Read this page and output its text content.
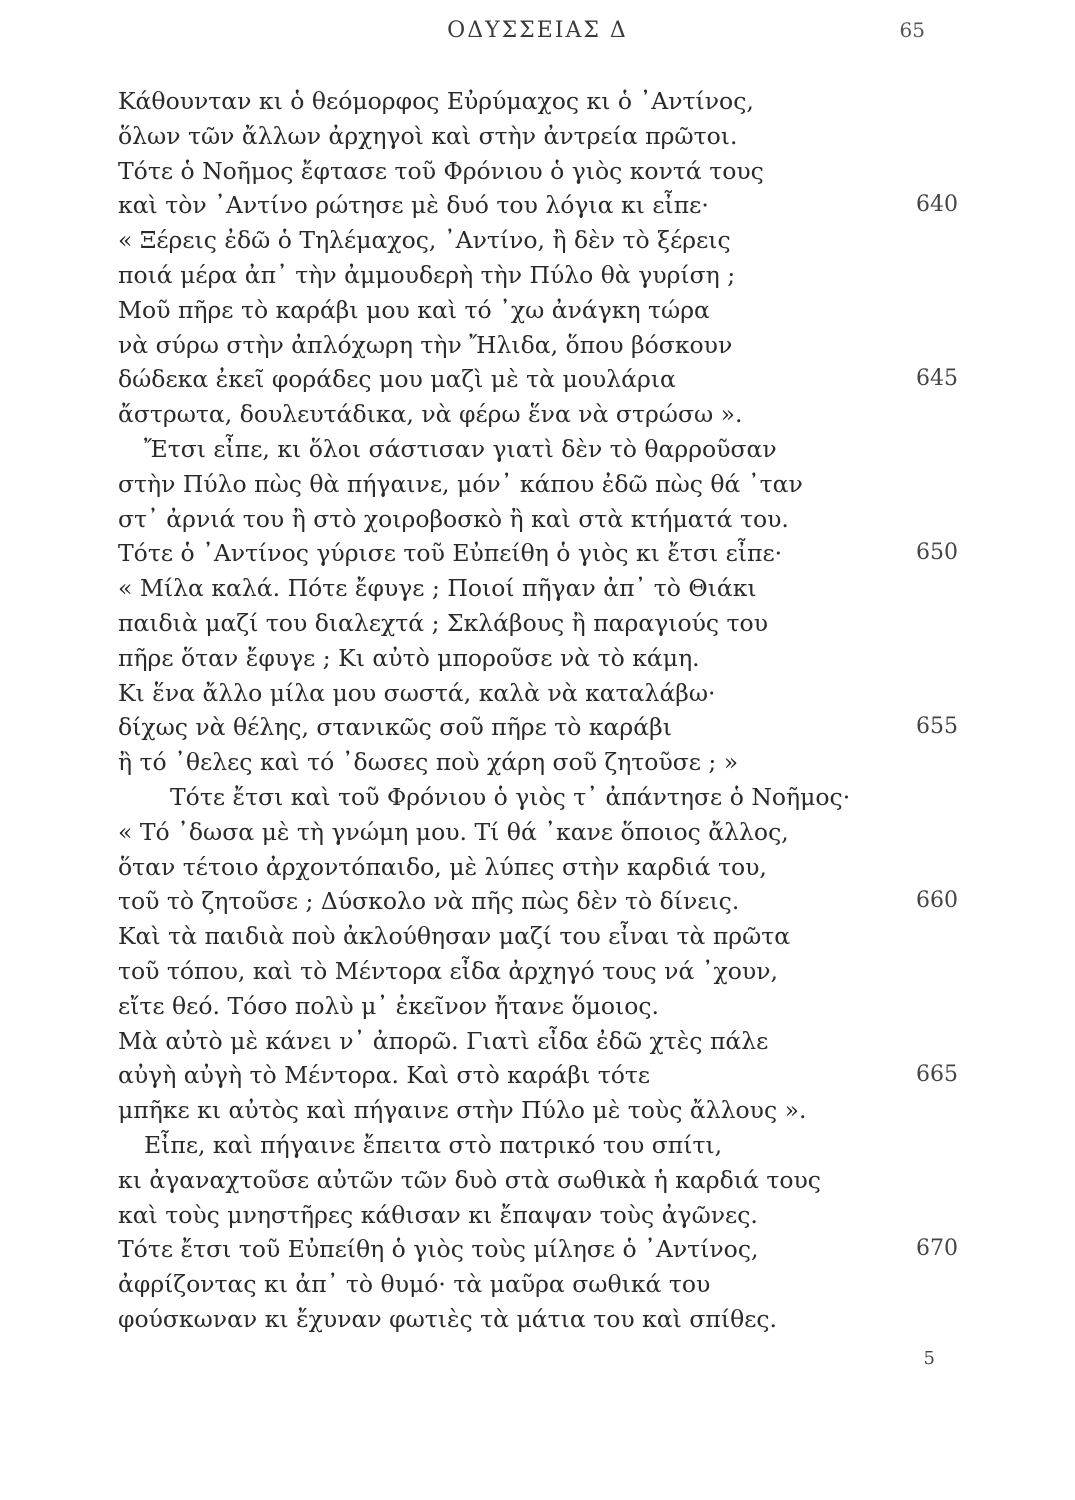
ΟΔΥΣΣΕΙΑΣ Δ	65
Κάθουνταν κι ὁ θεόμορφος Εὐρύμαχος κι ὁ ᾿Αντίνος,
ὅλων τῶν ἄλλων ἀρχηγοὶ καὶ στὴν ἀντρεία πρῶτοι.
Τότε ὁ Νοῆμος ἔφτασε τοῦ Φρόνιου ὁ γιὸς κοντά τους
καὶ τὸν ᾿Αντίνο ρώτησε μὲ δυό του λόγια κι εἶπε·	640
« Ξέρεις ἐδῶ ὁ Τηλέμαχος, ᾿Αντίνο, ἢ δὲν τὸ ξέρεις
ποιά μέρα ἀπ᾿ τὴν ἀμμουδερὴ τὴν Πύλο θὰ γυρίση ;
Μοῦ πῆρε τὸ καράβι μου καὶ τό ᾿χω ἀνάγκη τώρα
νὰ σύρω στὴν ἀπλόχωρη τὴν Ἤλιδα, ὅπου βόσκουν
δώδεκα ἐκεῖ φοράδες μου μαζὶ μὲ τὰ μουλάρια	645
ἄστρωτα, δουλευτάδικα, νὰ φέρω ἕνα νὰ στρώσω ».
Ἔτσι εἶπε, κι ὅλοι σάστισαν γιατὶ δὲν τὸ θαρροῦσαν
στὴν Πύλο πὼς θὰ πήγαινε, μόν᾿ κάπου ἐδῶ πὼς θά ᾿ταν
στ᾿ ἀρνιά του ἢ στὸ χοιροβοσκὸ ἢ καὶ στὰ κτήματά του.
Τότε ὁ ᾿Αντίνος γύρισε τοῦ Εὐπείθη ὁ γιὸς κι ἔτσι εἶπε·	650
« Μίλα καλά. Πότε ἔφυγε ; Ποιοί πῆγαν ἀπ᾿ τὸ Θιάκι
παιδιὰ μαζί του διαλεχτά ; Σκλάβους ἢ παραγιούς του
πῆρε ὅταν ἔφυγε ; Κι αὐτὸ μποροῦσε νὰ τὸ κάμη.
Κι ἕνα ἄλλο μίλα μου σωστά, καλὰ νὰ καταλάβω·
δίχως νὰ θέλης, στανικῶς σοῦ πῆρε τὸ καράβι	655
ἢ τό ᾿θελες καὶ τό ᾿δωσες ποὺ χάρη σοῦ ζητοῦσε ; »
Τότε ἔτσι καὶ τοῦ Φρόνιου ὁ γιὸς τ᾿ ἀπάντησε ὁ Νοῆμος·
« Τό ᾿δωσα μὲ τὴ γνώμη μου. Τί θά ᾿κανε ὅποιος ἄλλος,
ὅταν τέτοιο ἀρχοντόπαιδο, μὲ λύπες στὴν καρδιά του,
τοῦ τὸ ζητοῦσε ; Δύσκολο νὰ πῆς πὼς δὲν τὸ δίνεις.	660
Καὶ τὰ παιδιὰ ποὺ ἀκλούθησαν μαζί του εἶναι τὰ πρῶτα
τοῦ τόπου, καὶ τὸ Μέντορα εἶδα ἀρχηγό τους νά ᾿χουν,
εἴτε θεό. Τόσο πολὺ μ᾿ ἐκεῖνον ἤτανε ὅμοιος.
Μὰ αὐτὸ μὲ κάνει ν᾿ ἀπορῶ. Γιατὶ εἶδα ἐδῶ χτὲς πάλε
αὐγὴ αὐγὴ τὸ Μέντορα. Καὶ στὸ καράβι τότε	665
μπῆκε κι αὐτὸς καὶ πήγαινε στὴν Πύλο μὲ τοὺς ἄλλους ».
Εἶπε, καὶ πήγαινε ἔπειτα στὸ πατρικό του σπίτι,
κι ἀγαναχτοῦσε αὐτῶν τῶν δυὸ στὰ σωθικὰ ἡ καρδιά τους
καὶ τοὺς μνηστῆρες κάθισαν κι ἔπαψαν τοὺς ἀγῶνες.
Τότε ἔτσι τοῦ Εὐπείθη ὁ γιὸς τοὺς μίλησε ὁ ᾿Αντίνος,	670
ἀφρίζοντας κι ἀπ᾿ τὸ θυμό· τὰ μαῦρα σωθικά του
φούσκωναν κι ἔχυναν φωτιὲς τὰ μάτια του καὶ σπίθες.
5
